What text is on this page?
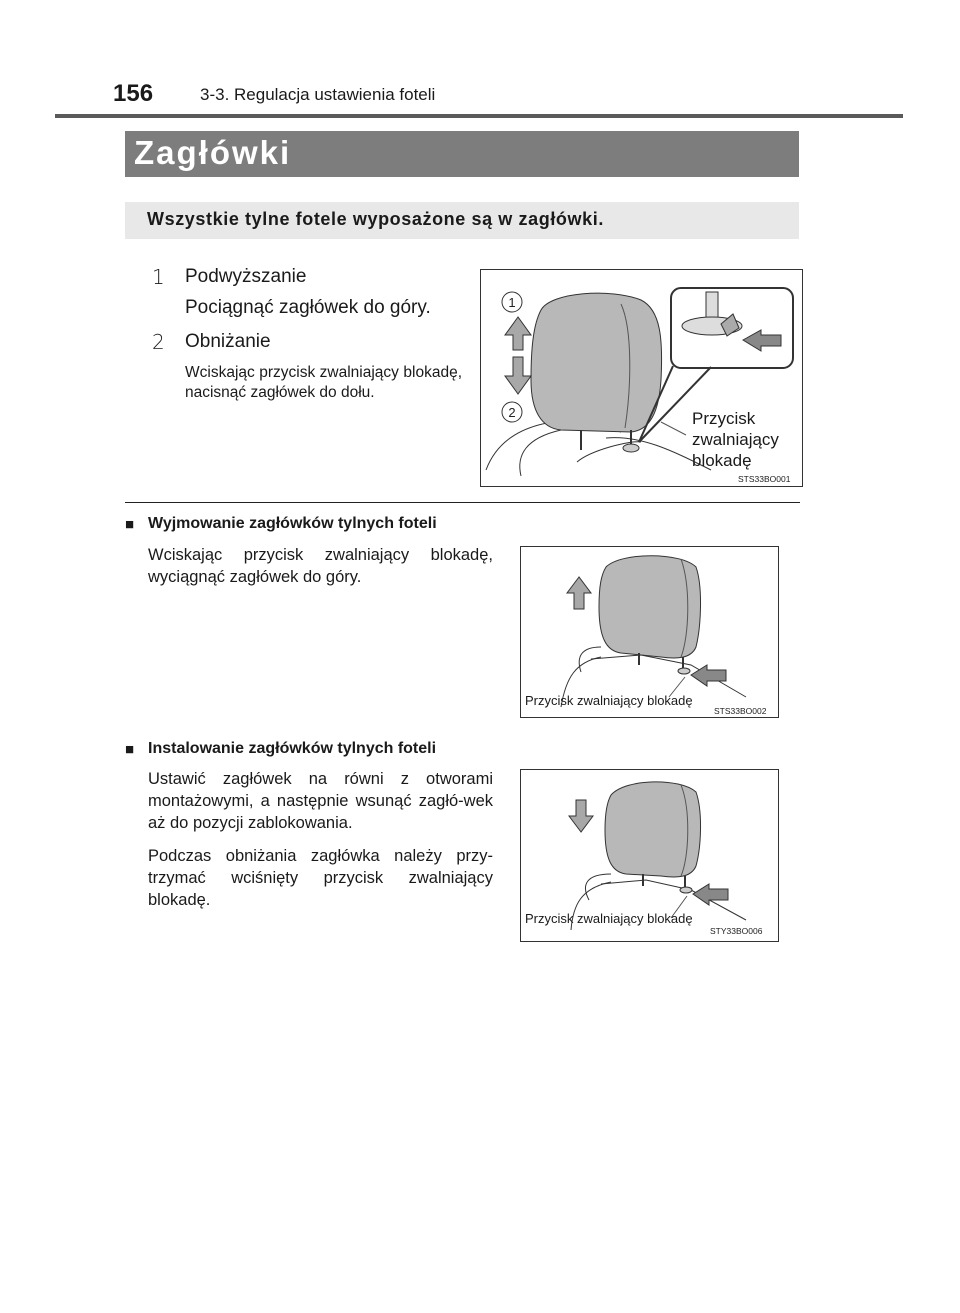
156	3-3. Regulacja ustawienia foteli
Zagłówki
Wszystkie tylne fotele wyposażone są w zagłówki.
1 Podwyższanie
Pociągnąć zagłówek do góry.
2 Obniżanie
Wciskając przycisk zwalniający blokadę, nacisnąć zagłówek do dołu.
1
2	Przycisk
zwalniający
blokadę
STS33BO001
■ Wyjmowanie zagłówków tylnych foteli
Wciskając przycisk zwalniający blokadę, wyciągnąć zagłówek do góry.
Przycisk zwalniający blokadę
STS33BO002
■ Instalowanie zagłówków tylnych foteli
Ustawić zagłówek na równi z otworami montażowymi, a następnie wsunąć zagłó-wek aż do pozycji zablokowania.
Podczas obniżania zagłówka należy przy-trzymać wciśnięty przycisk zwalniający blokadę.
Przycisk zwalniający blokadę
STY33BO006
